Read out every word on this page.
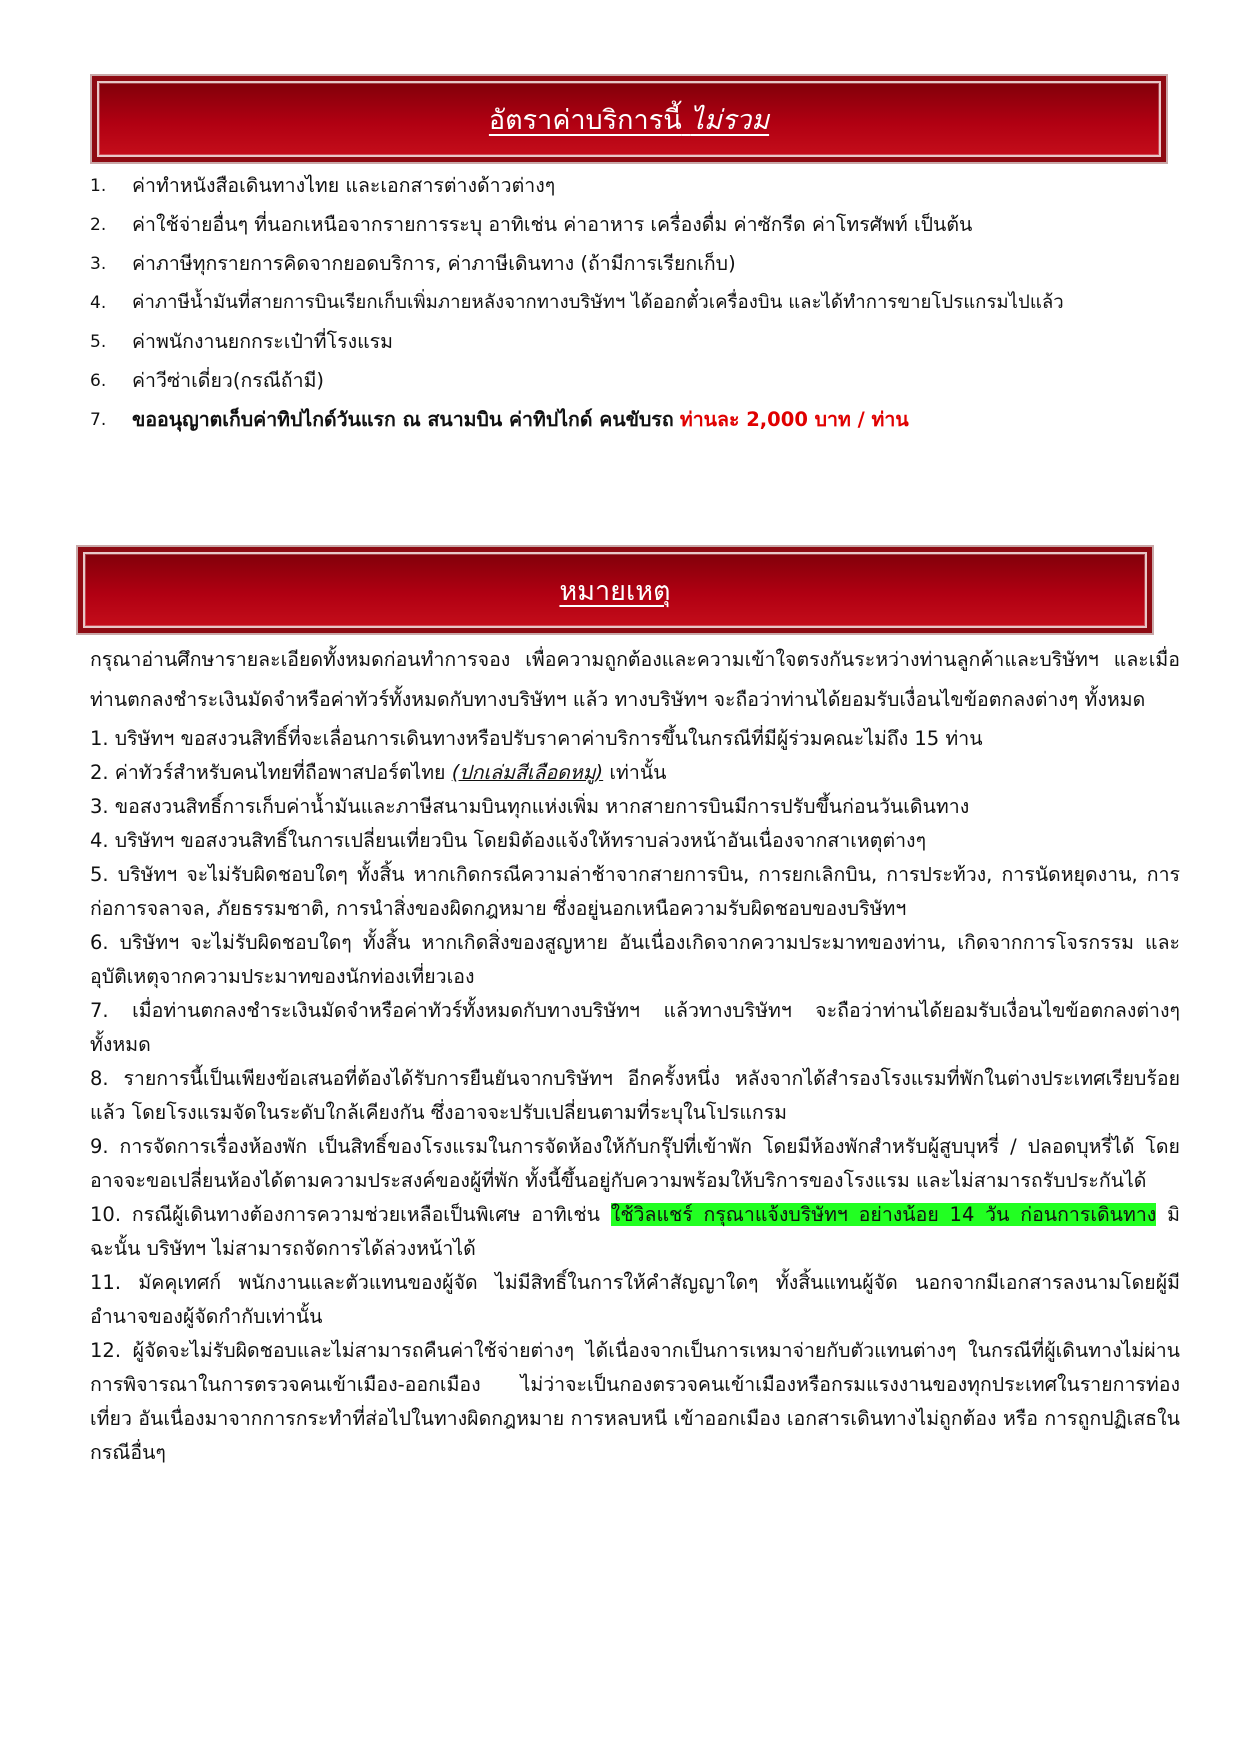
อัตราค่าบริการนี้ ไม่รวม
1.	ค่าทำหนังสือเดินทางไทย และเอกสารต่างด้าวต่างๆ
2.	ค่าใช้จ่ายอื่นๆ ที่นอกเหนือจากรายการระบุ อาทิเช่น ค่าอาหาร เครื่องดื่ม ค่าซักรีด ค่าโทรศัพท์ เป็นต้น
3.	ค่าภาษีทุกรายการคิดจากยอดบริการ, ค่าภาษีเดินทาง (ถ้ามีการเรียกเก็บ)
4.	ค่าภาษีน้ำมันที่สายการบินเรียกเก็บเพิ่มภายหลังจากทางบริษัทฯ ได้ออกตั๋วเครื่องบิน และได้ทำการขายโปรแกรมไปแล้ว
5.	ค่าพนักงานยกกระเป๋าที่โรงแรม
6.	ค่าวีซ่าเดี่ยว(กรณีถ้ามี)
7.	ขออนุญาตเก็บค่าทิปไกด์วันแรก ณ สนามบิน ค่าทิปไกด์ คนขับรถ
ท่านละ 2,000 บาท / ท่าน
หมายเหตุ

กรุณาอ่านศึกษารายละเอียดทั้งหมดก่อนทำการจอง เพื่อความถูกต้องและความเข้าใจตรงกันระหว่างท่านลูกค้าและบริษัทฯ และเมื่อท่านตกลงชำระเงินมัดจำหรือค่าทัวร์ทั้งหมดกับทางบริษัทฯ แล้ว ทางบริษัทฯ จะถือว่าท่านได้ยอมรับเงื่อนไขข้อตกลงต่างๆ ทั้งหมด

1. บริษัทฯ ขอสงวนสิทธิ์ที่จะเลื่อนการเดินทางหรือปรับราคาค่าบริการขึ้นในกรณีที่มีผู้ร่วมคณะไม่ถึง 15 ท่าน

2. ค่าทัวร์สำหรับคนไทยที่ถือพาสปอร์ตไทย (ปกเล่มสีเลือดหมู) เท่านั้น

3. ขอสงวนสิทธิ์การเก็บค่าน้ำมันและภาษีสนามบินทุกแห่งเพิ่ม หากสายการบินมีการปรับขึ้นก่อนวันเดินทาง

4. บริษัทฯ ขอสงวนสิทธิ์ในการเปลี่ยนเที่ยวบิน โดยมิต้องแจ้งให้ทราบล่วงหน้าอันเนื่องจากสาเหตุต่างๆ

5. บริษัทฯ จะไม่รับผิดชอบใดๆ ทั้งสิ้น หากเกิดกรณีความล่าช้าจากสายการบิน, การยกเลิกบิน, การประท้วง, การนัดหยุดงาน, การก่อการจลาจล, ภัยธรรมชาติ, การนำสิ่งของผิดกฎหมาย ซึ่งอยู่นอกเหนือความรับผิดชอบของบริษัทฯ

6. บริษัทฯ จะไม่รับผิดชอบใดๆ ทั้งสิ้น หากเกิดสิ่งของสูญหาย อันเนื่องเกิดจากความประมาทของท่าน, เกิดจากการโจรกรรม และ อุบัติเหตุจากความประมาทของนักท่องเที่ยวเอง

7. เมื่อท่านตกลงชำระเงินมัดจำหรือค่าทัวร์ทั้งหมดกับทางบริษัทฯ แล้วทางบริษัทฯ จะถือว่าท่านได้ยอมรับเงื่อนไขข้อตกลงต่างๆ ทั้งหมด

8. รายการนี้เป็นเพียงข้อเสนอที่ต้องได้รับการยืนยันจากบริษัทฯ อีกครั้งหนึ่ง หลังจากได้สำรองโรงแรมที่พักในต่างประเทศเรียบร้อยแล้ว โดยโรงแรมจัดในระดับใกล้เคียงกัน ซึ่งอาจจะปรับเปลี่ยนตามที่ระบุในโปรแกรม

9. การจัดการเรื่องห้องพัก เป็นสิทธิ์ของโรงแรมในการจัดห้องให้กับกรุ๊ปที่เข้าพัก โดยมีห้องพักสำหรับผู้สูบบุหรี่ / ปลอดบุหรี่ได้ โดยอาจจะขอเปลี่ยนห้องได้ตามความประสงค์ของผู้ที่พัก ทั้งนี้ขึ้นอยู่กับความพร้อมให้บริการของโรงแรม และไม่สามารถรับประกันได้

10. กรณีผู้เดินทางต้องการความช่วยเหลือเป็นพิเศษ อาทิเช่น ใช้วิลแชร์ กรุณาแจ้งบริษัทฯ อย่างน้อย 14 วัน ก่อนการเดินทาง มิฉะนั้น บริษัทฯ ไม่สามารถจัดการได้ล่วงหน้าได้

11. มัคคุเทศก์ พนักงานและตัวแทนของผู้จัด ไม่มีสิทธิ์ในการให้คำสัญญาใดๆ ทั้งสิ้นแทนผู้จัด นอกจากมีเอกสารลงนามโดยผู้มีอำนาจของผู้จัดกำกับเท่านั้น

12. ผู้จัดจะไม่รับผิดชอบและไม่สามารถคืนค่าใช้จ่ายต่างๆ ได้เนื่องจากเป็นการเหมาจ่ายกับตัวแทนต่างๆ ในกรณีที่ผู้เดินทางไม่ผ่านการพิจารณาในการตรวจคนเข้าเมือง-ออกเมือง ไม่ว่าจะเป็นกองตรวจคนเข้าเมืองหรือกรมแรงงานของทุกประเทศในรายการท่องเที่ยว อันเนื่องมาจากการกระทำที่ส่อไปในทางผิดกฎหมาย การหลบหนี เข้าออกเมือง เอกสารเดินทางไม่ถูกต้อง หรือ การถูกปฏิเสธในกรณีอื่นๆ
